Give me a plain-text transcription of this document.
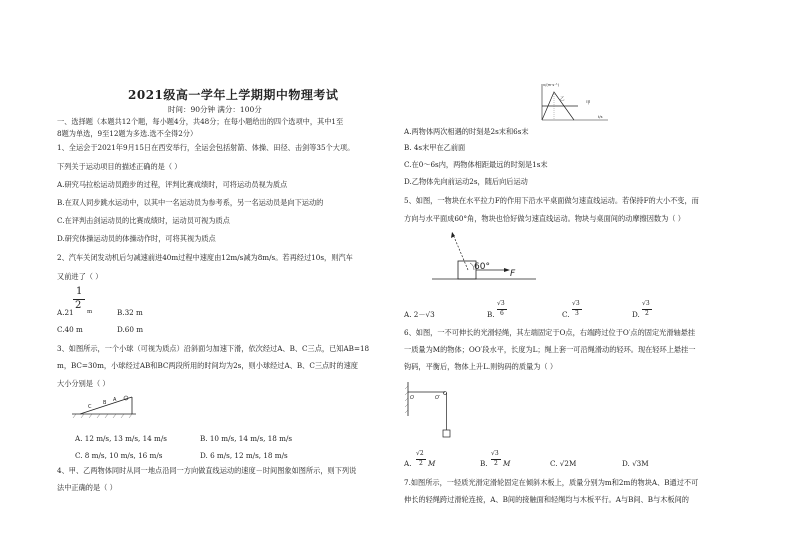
2021级高一学年上学期期中物理考试
时间：90分钟 满分：100分
一、选择题（本题共12个题，每小题4分，共48分；在每小题给出的四个选项中，其中1至
8题为单选，9至12题为多选.选不全得2分）
1、全运会于2021年9月15日在西安举行，全运会包括射箭、体操、田径、击剑等35个大项。
下列关于运动项目的描述正确的是（ ）
A.研究马拉松运动员跑步的过程，评判比赛成绩时，可将运动员视为质点
B.在双人同步跳水运动中，以其中一名运动员为参考系，另一名运动员是向下运动的
C.在评判击剑运动员的比赛成绩时，运动员可视为质点
D.研究体操运动员的体操动作时，可将其视为质点
2、汽车关闭发动机后匀减速前进40m过程中速度由12m/s减为8m/s。若再经过10s，则汽车
又前进了（ ）
1
2
A.21 m	B.32 m
C.40 m	D.60 m
3、如图所示，一个小球（可视为质点）沿斜面匀加速下滑，依次经过A、B、C三点，已知AB=18
m，BC=30m，小球经过AB和BC两段所用的时间均为2s，则小球经过A、B、C三点时的速度
大小分别是（ ）
A
B
C
A. 12 m/s, 13 m/s, 14 m/s	B. 10 m/s, 14 m/s, 18 m/s
C. 8 m/s, 10 m/s, 16 m/s	D. 6 m/s, 12 m/s, 18 m/s
4、甲、乙两物体同时从同一地点沿同一方向做直线运动的速度－时间图象如图所示，则下列说
法中正确的是（ ）
v/(m·s⁻¹)
甲
乙
t/s
A.两物体两次相遇的时刻是2s末和6s末
B. 4s末甲在乙前面
C.在0～6s内，两物体相距最远的时刻是1s末
D.乙物体先向前运动2s，随后向后运动
5、如图，一物块在水平拉力F的作用下沿水平桌面做匀速直线运动。若保持F的大小不变，而
方向与水平面成60°角，物块也恰好做匀速直线运动。物块与桌面间的动摩擦因数为（ ）
60°
F
A. 2－√3	B.
√3
6	C.
√3
3	D.
√3
2
6、如图，一不可伸长的光滑轻绳，其左端固定于O点，右端跨过位于O′点的固定光滑轴悬挂
一质量为M的物体；OO′段水平，长度为L；绳上套一可沿绳滑动的轻环。现在轻环上悬挂一
钩码，平衡后，物体上升L.则钩码的质量为（ ）
O	O′
A.
√2
2 M	B.
√3
2 M	C. √2M	D. √3M
7.如图所示，一轻质光滑定滑轮固定在倾斜木板上，质量分别为m和2m的物块A、B通过不可
伸长的轻绳跨过滑轮连接，A、B间的接触面和轻绳均与木板平行。A与B间、B与木板间的
